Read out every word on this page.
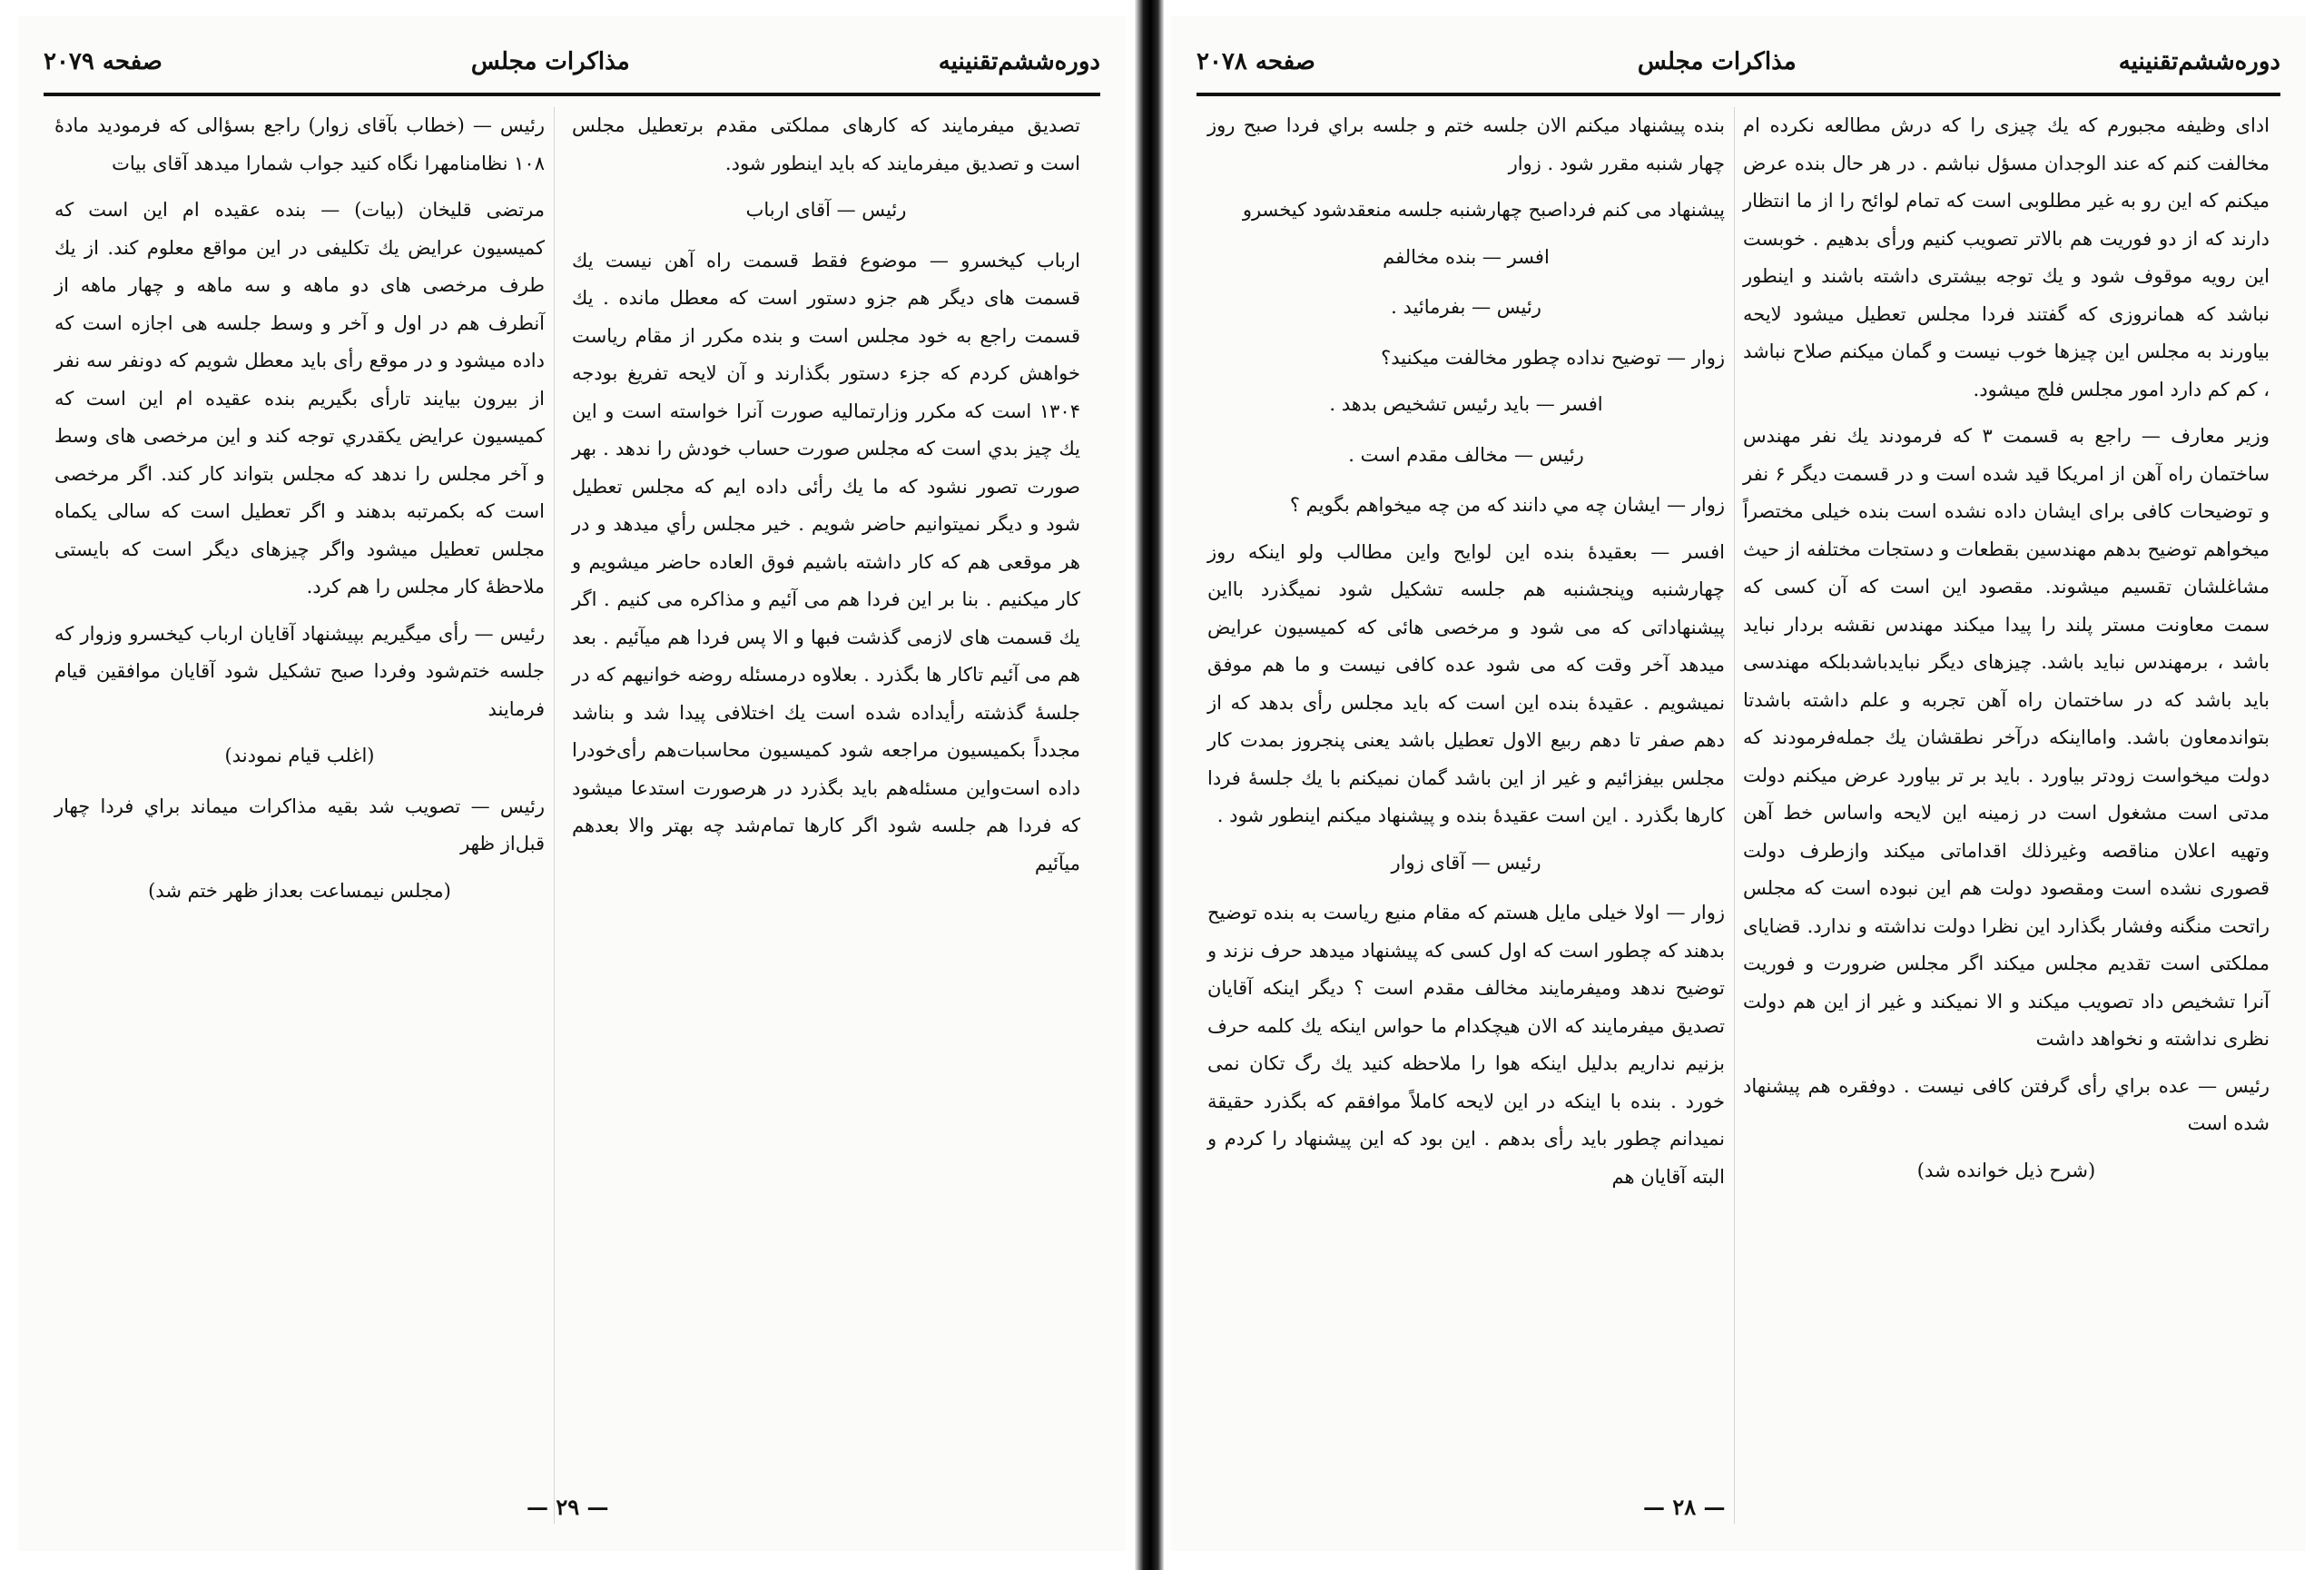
دوره‌ششم‌تقنینیه
مذاکرات مجلس
صفحه ۲۰۷۹

تصدیق میفرمایند که کارهای مملکتی مقدم برتعطیل مجلس است و تصدیق میفرمایند که باید اینطور شود.

رئیس — آقای ارباب

ارباب کیخسرو — موضوع فقط قسمت راه آهن نیست یك قسمت های دیگر هم جزو دستور است که معطل مانده . یك قسمت راجع به خود مجلس است و بنده مکرر از مقام ریاست خواهش کردم که جزء دستور بگذارند و آن لایحه تفریغ بودجه ۱۳۰۴ است که مکرر وزارتمالیه صورت آنرا خواسته است و این یك چیز بدي است که مجلس صورت حساب خودش را ندهد . بهر صورت تصور نشود که ما یك رأئی داده ایم که مجلس تعطیل شود و دیگر نمیتوانیم حاضر شویم . خیر مجلس رأي میدهد و در هر موقعی هم که کار داشته باشیم فوق العاده حاضر میشویم و کار میکنیم . بنا بر این فردا هم می آئیم و مذاکره می کنیم . اگر یك قسمت های لازمی گذشت فبها و الا پس فردا هم میآئیم . بعد هم می آئیم تاکار ها بگذرد . بعلاوه درمسئله روضه خوانیهم که در جلسهٔ گذشته رأیداده شده است یك اختلافی پیدا شد و بناشد مجدداً بکمیسیون مراجعه شود کمیسیون محاسبات‌هم رأی‌خودرا داده است‌واین مسئله‌هم باید بگذرد در هرصورت استدعا میشود که فردا هم جلسه شود اگر کارها تمام‌شد چه بهتر والا بعدهم میآئیم

رئیس — (خطاب بآقای زوار) راجع بسؤالی که فرمودید مادهٔ ۱۰۸ نظامنامهرا نگاه کنید جواب شمارا میدهد آقای بیات

مرتضی قلیخان (بیات) — بنده عقیده ام این است که کمیسیون عرایض یك تکلیفی در این مواقع معلوم کند. از یك طرف مرخصی های دو ماهه و سه ماهه و چهار ماهه از آنطرف هم در اول و آخر و وسط جلسه هی اجازه است که داده میشود و در موقع رأی باید معطل شویم که دونفر سه نفر از بیرون بیایند تارأی بگیریم بنده عقیده ام این است که کمیسیون عرایض یکقدري توجه کند و این مرخصی های وسط و آخر مجلس را ندهد که مجلس بتواند کار کند. اگر مرخصی است که بکمرتبه بدهند و اگر تعطیل است که سالی یکماه مجلس تعطیل میشود واگر چیزهای دیگر است که بایستی ملاحظهٔ کار مجلس را هم کرد.

رئیس — رأی میگیریم بپیشنهاد آقایان ارباب کیخسرو وزوار که جلسه ختم‌شود وفردا صبح تشکیل شود آقایان موافقین قیام فرمایند

(اغلب قیام نمودند)

رئیس — تصویب شد بقیه مذاکرات میماند براي فردا چهار قبل‌از ظهر

(مجلس نیمساعت بعداز ظهر ختم شد)

— ۲۹ —
دوره‌ششم‌تقنینیه
مذاکرات مجلس
صفحه ۲۰۷۸

ادای وظیفه مجبورم که یك چیزی را که درش مطالعه نکرده ام مخالفت کنم که عند الوجدان مسؤل نباشم . در هر حال بنده عرض میکنم که این رو به غیر مطلوبی است که تمام لوائح را از ما انتظار دارند که از دو فوریت هم بالاتر تصویب کنیم ورأی بدهیم . خوبست این رویه موقوف شود و یك توجه بیشتری داشته باشند و اینطور نباشد که همانروزی که گفتند فردا مجلس تعطیل میشود لایحه بیاورند به مجلس این چیزها خوب نیست و گمان میکنم صلاح نباشد ، کم کم دارد امور مجلس فلج میشود.

وزیر معارف — راجع به قسمت ۳ که فرمودند یك نفر مهندس ساختمان راه آهن از امریکا قید شده است و در قسمت دیگر ۶ نفر و توضیحات کافی برای ایشان داده نشده است بنده خیلی مختصراً میخواهم توضیح بدهم مهندسین بقطعات و دستجات مختلفه از حیث مشاغلشان تقسیم میشوند. مقصود این است که آن کسی که سمت معاونت مستر پلند را پیدا میکند مهندس نقشه بردار نباید باشد ، برمهندس نباید باشد. چیزهای دیگر نبایدباشدبلکه مهندسی باید باشد که در ساختمان راه آهن تجربه و علم داشته باشدتا بتواندمعاون باشد. وامااینکه درآخر نطقشان یك جمله‌فرمودند که دولت میخواست زودتر بیاورد . باید بر تر بیاورد عرض میکنم دولت مدتی است مشغول است در زمینه این لایحه واساس خط آهن وتهیه اعلان مناقصه وغیرذلك اقداماتی میکند وازطرف دولت قصوری نشده است ومقصود دولت هم این نبوده است که مجلس راتحت منگنه وفشار بگذارد این نظرا دولت نداشته و ندارد. قضایای مملکتی است تقدیم مجلس میکند اگر مجلس ضرورت و فوریت آنرا تشخیص داد تصویب میکند و الا نمیکند و غیر از این هم دولت نظری نداشته و نخواهد داشت

رئیس — عده براي رأی گرفتن کافی نیست . دوفقره هم پیشنهاد شده است

(شرح ذیل خوانده شد)

بنده پیشنهاد میکنم الان جلسه ختم و جلسه براي فردا صبح روز چهار شنبه مقرر شود . زوار

پیشنهاد می کنم فرداصبح چهارشنبه جلسه منعقدشود کیخسرو

افسر — بنده مخالفم

رئیس — بفرمائید .

زوار — توضیح نداده چطور مخالفت میکنید؟

افسر — باید رئیس تشخیص بدهد .

رئیس — مخالف مقدم است .

زوار — ایشان چه مي دانند که من چه میخواهم بگویم ؟

افسر — بعقیدهٔ بنده این لوایح واین مطالب ولو اینکه روز چهارشنبه وپنجشنبه هم جلسه تشکیل شود نمیگذرد بااین پیشنهاداتی که می شود و مرخصی هائی که کمیسیون عرایض میدهد آخر وقت که می شود عده کافی نیست و ما هم موفق نمیشویم . عقیدهٔ بنده این است که باید مجلس رأی بدهد که از دهم صفر تا دهم ربیع الاول تعطیل باشد یعنی پنجروز بمدت کار مجلس بیفزائیم و غیر از این باشد گمان نمیکنم با یك جلسهٔ فردا کارها بگذرد . این است عقیدهٔ بنده و پیشنهاد میکنم اینطور شود .

رئیس — آقای زوار

زوار — اولا خیلی مایل هستم که مقام منیع ریاست به بنده توضیح بدهند که چطور است که اول کسی که پیشنهاد میدهد حرف نزند و توضیح ندهد ومیفرمایند مخالف مقدم است ؟ دیگر اینکه آقایان تصدیق میفرمایند که الان هیچکدام ما حواس اینکه یك کلمه حرف بزنیم نداریم بدلیل اینکه هوا را ملاحظه کنید یك رگ تکان نمی خورد . بنده با اینکه در این لایحه کاملاً موافقم که بگذرد حقیقة نمیدانم چطور باید رأی بدهم . این بود که این پیشنهاد را کردم و البته آقایان هم

— ۲۸ —
